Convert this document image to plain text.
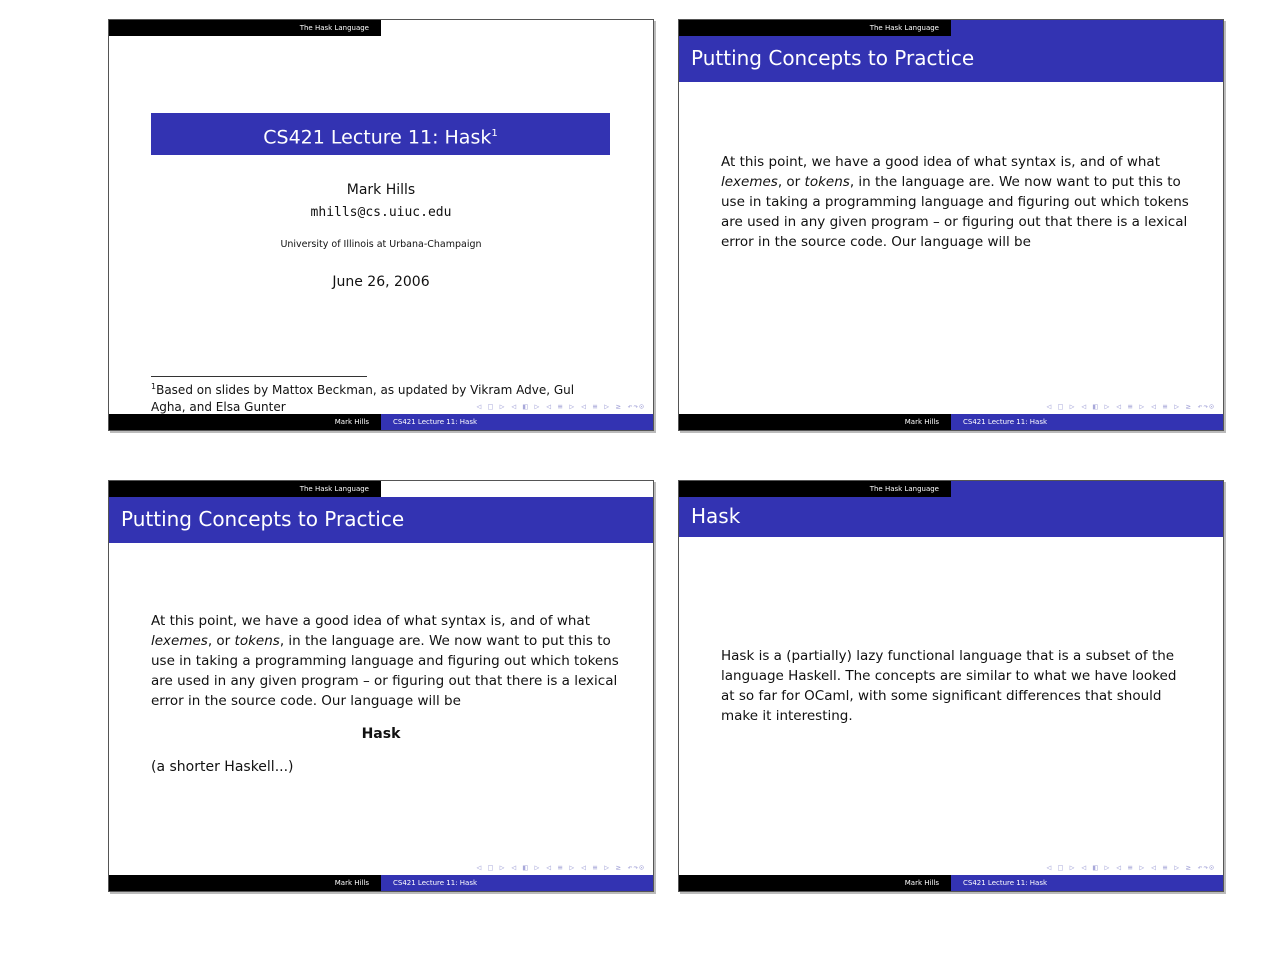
The Hask Language
CS421 Lecture 11: Hask$^1$
Mark Hills
mhills@cs.uiuc.edu
University of Illinois at Urbana-Champaign
June 26, 2006
$^1$Based on slides by Mattox Beckman, as updated by Vikram Adve, Gul Agha, and Elsa Gunter	◁ □ ▷ ◁ ◧ ▷ ◁ ≡ ▷ ◁ ≡ ▷ ≥ ↶↷⊙
Mark Hills	CS421 Lecture 11: Hask
The Hask Language
Putting Concepts to Practice
At this point, we have a good idea of what syntax is, and of what lexemes, or tokens, in the language are. We now want to put this to use in taking a programming language and figuring out which tokens are used in any given program – or figuring out that there is a lexical error in the source code. Our language will be
◁ □ ▷ ◁ ◧ ▷ ◁ ≡ ▷ ◁ ≡ ▷ ≥ ↶↷⊙
Mark Hills	CS421 Lecture 11: Hask
The Hask Language
Putting Concepts to Practice
At this point, we have a good idea of what syntax is, and of what lexemes, or tokens, in the language are. We now want to put this to use in taking a programming language and figuring out which tokens are used in any given program – or figuring out that there is a lexical error in the source code. Our language will be
Hask
(a shorter Haskell...)
◁ □ ▷ ◁ ◧ ▷ ◁ ≡ ▷ ◁ ≡ ▷ ≥ ↶↷⊙
Mark Hills	CS421 Lecture 11: Hask
The Hask Language
Hask
Hask is a (partially) lazy functional language that is a subset of the language Haskell. The concepts are similar to what we have looked at so far for OCaml, with some significant differences that should make it interesting.
◁ □ ▷ ◁ ◧ ▷ ◁ ≡ ▷ ◁ ≡ ▷ ≥ ↶↷⊙
Mark Hills	CS421 Lecture 11: Hask
